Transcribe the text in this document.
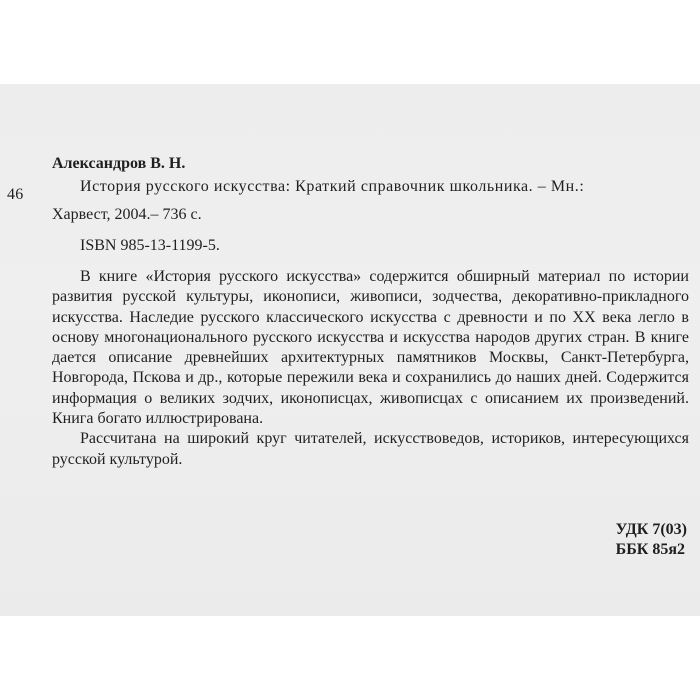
46
Александров В. Н.
История русского искусства: Краткий справочник школьника. – Мн.:
Харвест, 2004.– 736 с.
ISBN 985-13-1199-5.

В книге «История русского искусства» содержится обширный материал по истории развития русской культуры, иконописи, живописи, зодчества, декоративно-прикладного искусства. Наследие русского классического искусства с древности и по XX века легло в основу многонационального русского искусства и искусства народов других стран. В книге дается описание древнейших архитектурных памятников Москвы, Санкт-Петербурга, Новгорода, Пскова и др., которые пережили века и сохранились до наших дней. Содержится информация о великих зодчих, иконописцах, живописцах с описанием их произведений. Книга богато иллюстрирована.

Рассчитана на широкий круг читателей, искусствоведов, историков, интересующихся русской культурой.

УДК 7(03)
ББК 85я2
